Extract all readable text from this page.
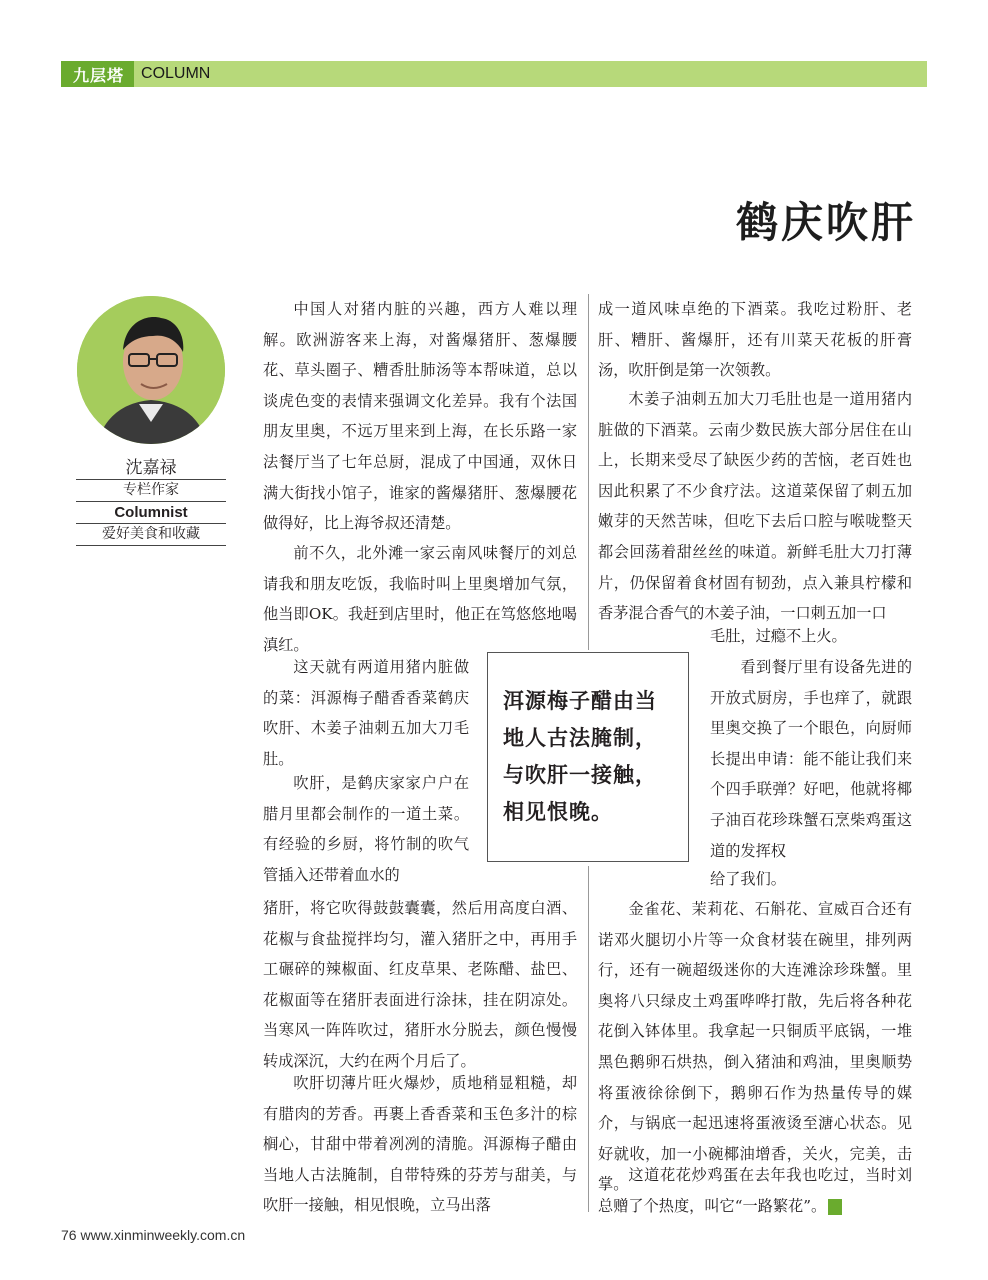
九层塔	COLUMN
鹤庆吹肝
沈嘉禄
专栏作家
Columnist
爱好美食和收藏

中国人对猪内脏的兴趣，西方人难以理解。欧洲游客来上海，对酱爆猪肝、葱爆腰花、草头圈子、糟香肚肺汤等本帮味道，总以谈虎色变的表情来强调文化差异。我有个法国朋友里奥，不远万里来到上海，在长乐路一家法餐厅当了七年总厨，混成了中国通，双休日满大街找小馆子，谁家的酱爆猪肝、葱爆腰花做得好，比上海爷叔还清楚。

前不久，北外滩一家云南风味餐厅的刘总请我和朋友吃饭，我临时叫上里奥增加气氛，他当即OK。我赶到店里时，他正在笃悠悠地喝滇红。

这天就有两道用猪内脏做的菜：洱源梅子醋香香菜鹤庆吹肝、木姜子油刺五加大刀毛肚。

吹肝，是鹤庆家家户户在腊月里都会制作的一道土菜。有经验的乡厨，将竹制的吹气管插入还带着血水的

猪肝，将它吹得鼓鼓囊囊，然后用高度白酒、花椒与食盐搅拌均匀，灌入猪肝之中，再用手工碾碎的辣椒面、红皮草果、老陈醋、盐巴、花椒面等在猪肝表面进行涂抹，挂在阴凉处。当寒风一阵阵吹过，猪肝水分脱去，颜色慢慢转成深沉，大约在两个月后了。

吹肝切薄片旺火爆炒，质地稍显粗糙，却有腊肉的芳香。再裹上香香菜和玉色多汁的棕榈心，甘甜中带着冽冽的清脆。洱源梅子醋由当地人古法腌制，自带特殊的芬芳与甜美，与吹肝一接触，相见恨晚，立马出落

成一道风味卓绝的下酒菜。我吃过粉肝、老肝、糟肝、酱爆肝，还有川菜天花板的肝膏汤，吹肝倒是第一次领教。

木姜子油刺五加大刀毛肚也是一道用猪内脏做的下酒菜。云南少数民族大部分居住在山上，长期来受尽了缺医少药的苦恼，老百姓也因此积累了不少食疗法。这道菜保留了刺五加嫩芽的天然苦味，但吃下去后口腔与喉咙整天都会回荡着甜丝丝的味道。新鲜毛肚大刀打薄片，仍保留着食材固有韧劲，点入兼具柠檬和香茅混合香气的木姜子油，一口刺五加一口

毛肚，过瘾不上火。

看到餐厅里有设备先进的开放式厨房，手也痒了，就跟里奥交换了一个眼色，向厨师长提出申请：能不能让我们来个四手联弹？好吧，他就将椰子油百花珍珠蟹石烹柴鸡蛋这道的发挥权

给了我们。

金雀花、茉莉花、石斛花、宣威百合还有诺邓火腿切小片等一众食材装在碗里，排列两行，还有一碗超级迷你的大连滩涂珍珠蟹。里奥将八只绿皮土鸡蛋哗哗打散，先后将各种花花倒入钵体里。我拿起一只铜质平底锅，一堆黑色鹅卵石烘热，倒入猪油和鸡油，里奥顺势将蛋液徐徐倒下，鹅卵石作为热量传导的媒介，与锅底一起迅速将蛋液烫至溏心状态。见好就收，加一小碗椰油增香，关火，完美，击掌。

这道花花炒鸡蛋在去年我也吃过，当时刘总赠了个热度，叫它“一路繁花”。	民

洱源梅子醋由当地人古法腌制，与吹肝一接触，相见恨晚。
76 www.xinminweekly.com.cn
